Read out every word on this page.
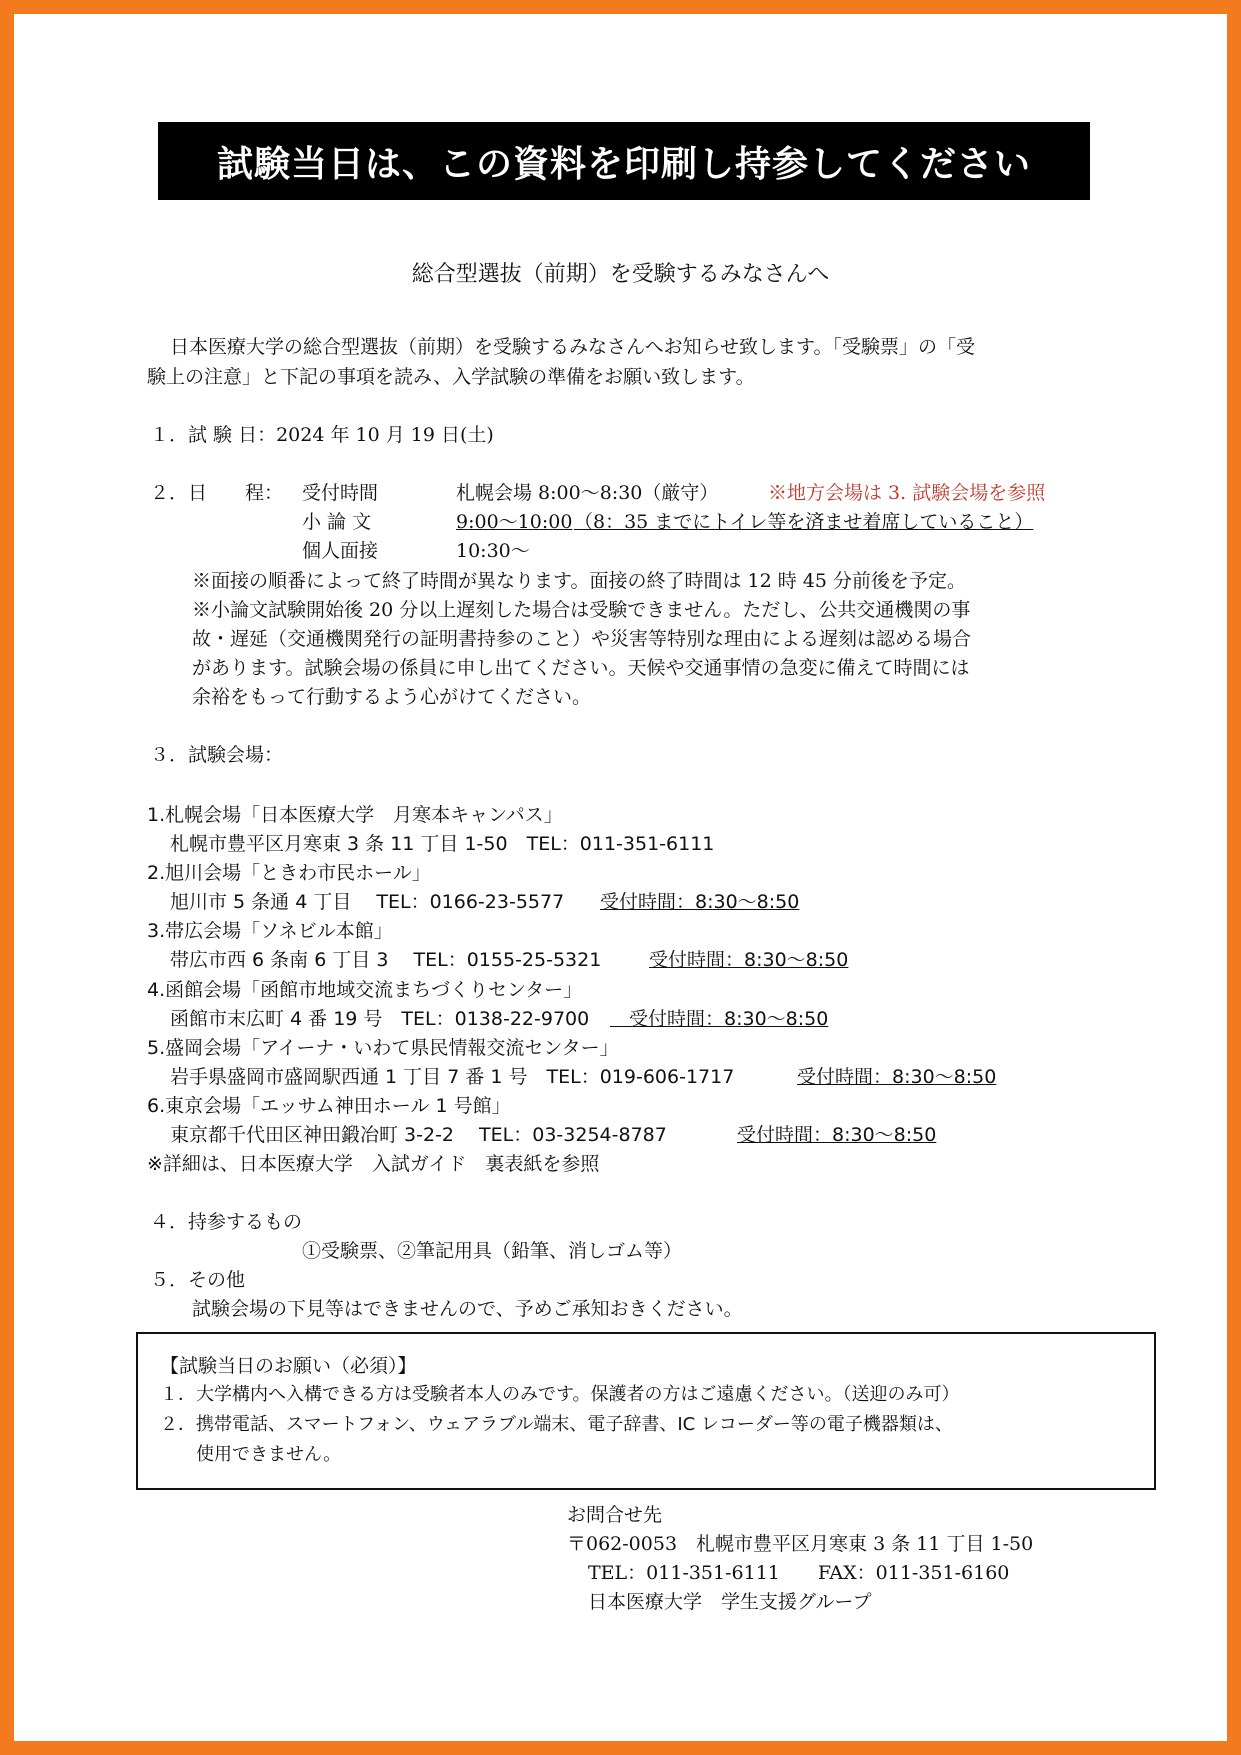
試験当日は、この資料を印刷し持参してください
総合型選抜（前期）を受験するみなさんへ
日本医療大学の総合型選抜（前期）を受験するみなさんへお知らせ致します。「受験票」の「受
験上の注意」と下記の事項を読み、入学試験の準備をお願い致します。
１．試 験 日：2024 年 10 月 19 日(土)
２．日　　程： 受付時間	札幌会場 8:00～8:30（厳守）	※地方会場は 3. 試験会場を参照
小 論 文	9:00～10:00 （8：35 までにトイレ等を済ませ着席していること）
個人面接	10:30～
※面接の順番によって終了時間が異なります。面接の終了時間は 12 時 45 分前後を予定。
※小論文試験開始後 20 分以上遅刻した場合は受験できません。ただし、公共交通機関の事
故・遅延（交通機関発行の証明書持参のこと）や災害等特別な理由による遅刻は認める場合
があります。試験会場の係員に申し出てください。天候や交通事情の急変に備えて時間には
余裕をもって行動するよう心がけてください。
３．試験会場：
1.札幌会場「日本医療大学　月寒本キャンパス」
札幌市豊平区月寒東 3 条 11 丁目 1-50　TEL：011-351-6111
2.旭川会場「ときわ市民ホール」
旭川市 5 条通 4 丁目　 TEL：0166-23-5577　 受付時間：8:30～8:50
3.帯広会場「ソネビル本館」
帯広市西 6 条南 6 丁目 3　 TEL：0155-25-5321　 受付時間：8:30～8:50
4.函館会場「函館市地域交流まちづくりセンター」
函館市末広町 4 番 19 号　TEL：0138-22-9700 　受付時間：8:30～8:50
5.盛岡会場「アイーナ・いわて県民情報交流センター」
岩手県盛岡市盛岡駅西通 1 丁目 7 番 1 号　TEL：019-606-1717　 受付時間：8:30～8:50
6.東京会場「エッサム神田ホール 1 号館」
東京都千代田区神田鍛冶町 3-2-2　 TEL：03-3254-8787　	受付時間：8:30～8:50
※詳細は、日本医療大学　入試ガイド　裏表紙を参照
４．持参するもの
①受験票、②筆記用具（鉛筆、消しゴム等）
５．その他
試験会場の下見等はできませんので、予めご承知おきください。
【試験当日のお願い（必須）】
１．大学構内へ入構できる方は受験者本人のみです。保護者の方はご遠慮ください。（送迎のみ可）
２．携帯電話、スマートフォン、ウェアラブル端末、電子辞書、IC レコーダー等の電子機器類は、
使用できません。
お問合せ先
〒062-0053　札幌市豊平区月寒東 3 条 11 丁目 1-50
TEL：011-351-6111　　FAX：011-351-6160
日本医療大学　学生支援グループ
